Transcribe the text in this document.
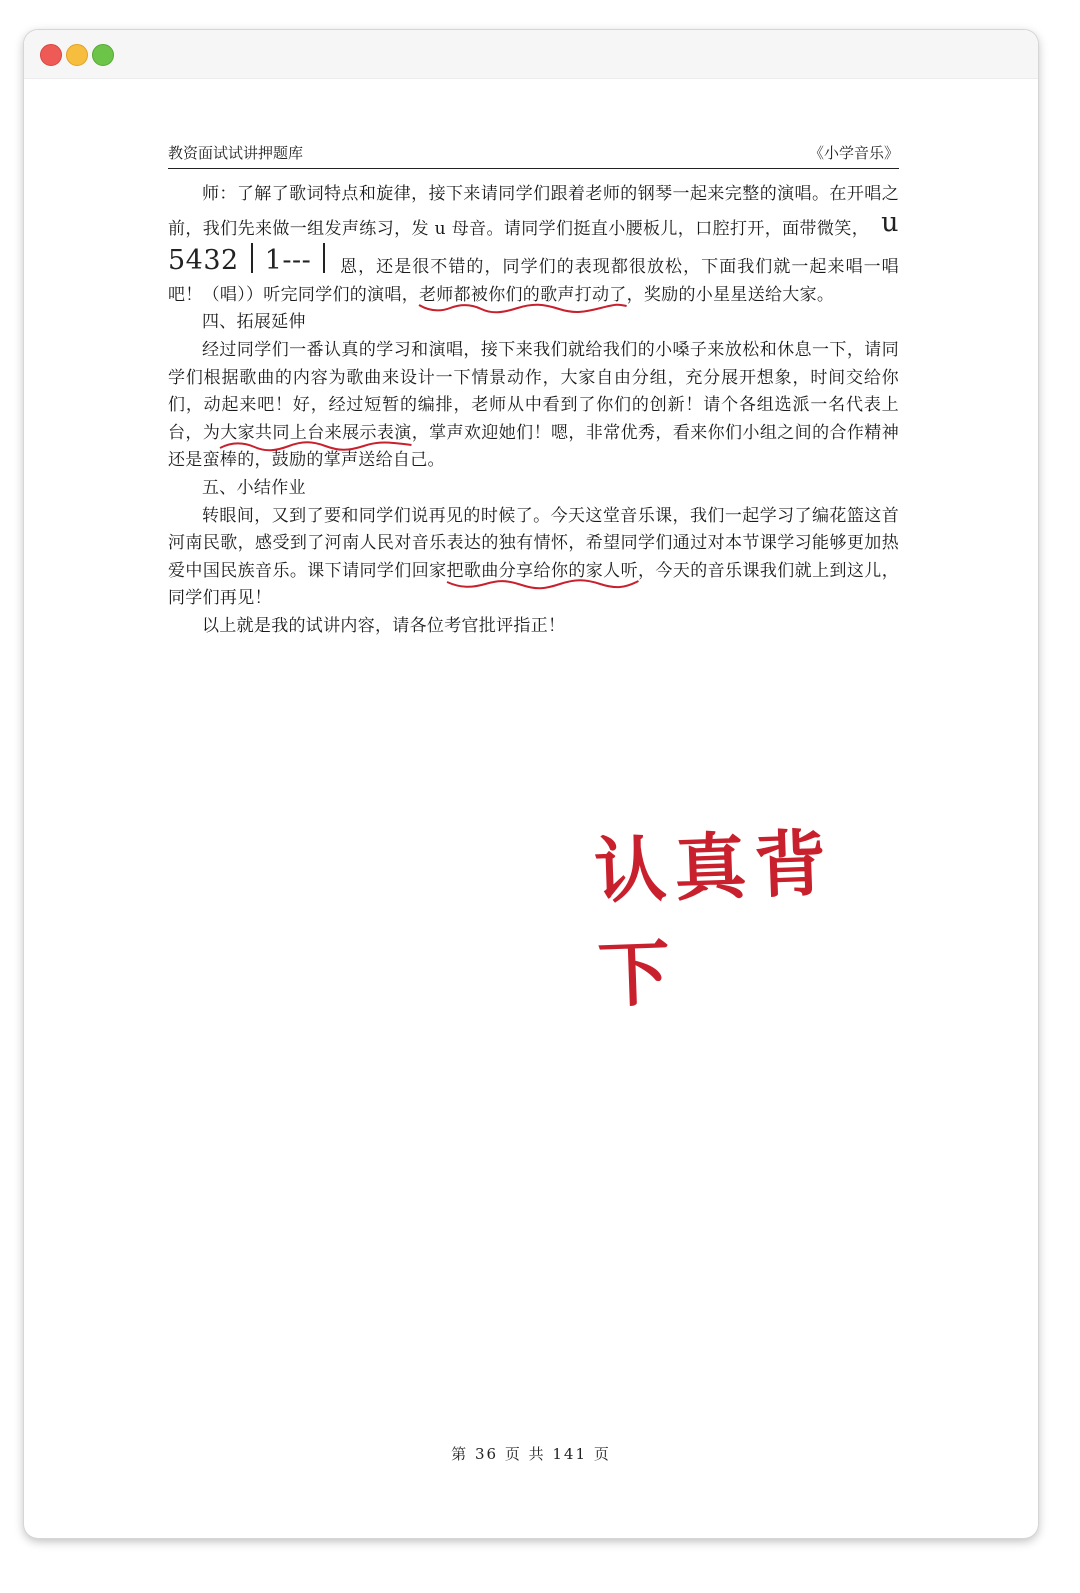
教资面试试讲押题库	《小学音乐》

师：了解了歌词特点和旋律，接下来请同学们跟着老师的钢琴一起来完整的演唱。在开唱之前，我们先来做一组发声练习，发 u 母音。请同学们挺直小腰板儿，口腔打开，面带微笑， u 5432 1--- 恩，还是很不错的，同学们的表现都很放松，下面我们就一起来唱一唱吧！（唱））听完同学们的演唱，老师都被你们的歌声打动了
，奖励的小星星送给大家。

四、拓展延伸

经过同学们一番认真的学习和演唱，接下来我们就给我们的小嗓子来放松和休息一下，请同学们根据歌曲的内容为歌曲来设计一下情景动作，大家自由分组，充分展开想象，时间交给你们，动起来吧！好，经过短暂的编排，老师从中看到了你们的创新！请个各组选派一名代表上台，为大家共同上台来展示表演
，掌声欢迎她们！嗯，非常优秀，看来你们小组之间的合作精神还是蛮棒的，鼓励的掌声送给自己。

五、小结作业

转眼间，又到了要和同学们说再见的时候了。今天这堂音乐课，我们一起学习了编花篮这首河南民歌，感受到了河南人民对音乐表达的独有情怀，希望同学们通过对本节课学习能够更加热爱中国民族音乐。课下请同学们回家把歌曲分享给你的家人听
，今天的音乐课我们就上到这儿，同学们再见！

以上就是我的试讲内容，请各位考官批评指正！

认真背下
第 36 页 共 141 页
